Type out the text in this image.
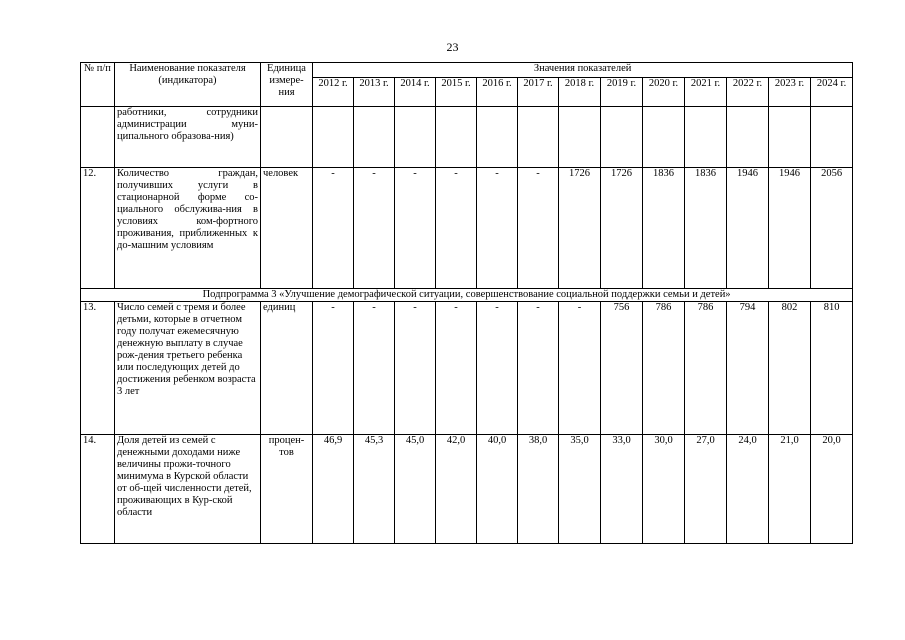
23
№ п/п	Наименование показателя (индикатора)	Единица измере-ния	Значения показателей												
			2012 г.	2013 г.	2014 г.	2015 г.	2016 г.	2017 г.	2018 г.	2019 г.	2020 г.	2021 г.	2022 г.	2023 г.	2024 г.
	работники, сотрудники администрации муни-ципального образова-ния)														
12.	Количество граждан, получивших услуги в стационарной форме со-циального обслужива-ния в условиях ком-фортного проживания, приближенных к до-машним условиям	человек	-	-	-	-	-	-	1726	1726	1836	1836	1946	1946	2056
Подпрограмма 3 «Улучшение демографической ситуации, совершенствование социальной поддержки семьи и детей»															
13.	Число семей с тремя и более детьми, которые в отчетном году получат ежемесячную денежную выплату в случае рож-дения третьего ребенка или последующих детей до достижения ребенком возраста 3 лет	единиц	-	-	-	-	-	-	-	756	786	786	794	802	810
14.	Доля детей из семей с денежными доходами ниже величины прожи-точного минимума в Курской области от об-щей численности детей, проживающих в Кур-ской области	процен-тов	46,9	45,3	45,0	42,0	40,0	38,0	35,0	33,0	30,0	27,0	24,0	21,0	20,0
